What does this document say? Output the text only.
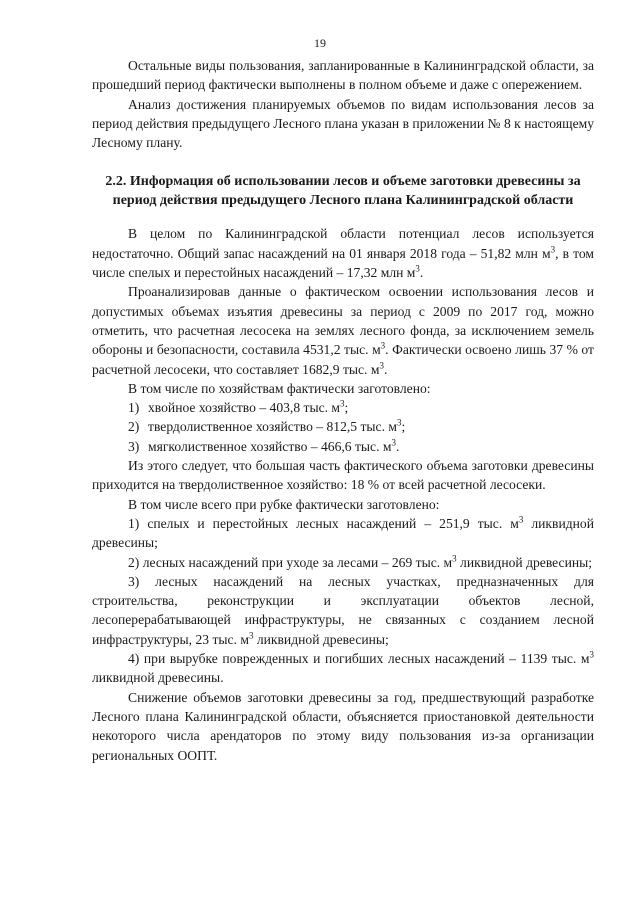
19

Остальные виды пользования, запланированные в Калининградской области, за прошедший период фактически выполнены в полном объеме и даже с опережением.

Анализ достижения планируемых объемов по видам использования лесов за период действия предыдущего Лесного плана указан в приложении № 8 к настоящему Лесному плану.

2.2. Информация об использовании лесов и объеме заготовки древесины за период действия предыдущего Лесного плана Калининградской области

В целом по Калининградской области потенциал лесов используется недостаточно. Общий запас насаждений на 01 января 2018 года – 51,82 млн $м^3$, в том числе спелых и перестойных насаждений – 17,32 млн $м^3$.

Проанализировав данные о фактическом освоении использования лесов и допустимых объемах изъятия древесины за период с 2009 по 2017 год, можно отметить, что расчетная лесосека на землях лесного фонда, за исключением земель обороны и безопасности, составила 4531,2 тыс. $м^3$. Фактически освоено лишь 37 % от расчетной лесосеки, что составляет 1682,9 тыс. $м^3$.

В том числе по хозяйствам фактически заготовлено:

1) хвойное хозяйство – 403,8 тыс. $м^3$;

2) твердолиственное хозяйство – 812,5 тыс. $м^3$;

3) мягколиственное хозяйство – 466,6 тыс. $м^3$.

Из этого следует, что большая часть фактического объема заготовки древесины приходится на твердолиственное хозяйство: 18 % от всей расчетной лесосеки.

В том числе всего при рубке фактически заготовлено:

1) спелых и перестойных лесных насаждений – 251,9 тыс. $м^3$ ликвидной древесины;

2) лесных насаждений при уходе за лесами – 269 тыс. $м^3$ ликвидной древесины;

3) лесных насаждений на лесных участках, предназначенных для строительства, реконструкции и эксплуатации объектов лесной, лесоперерабатывающей инфраструктуры, не связанных с созданием лесной инфраструктуры, 23 тыс. $м^3$ ликвидной древесины;

4) при вырубке поврежденных и погибших лесных насаждений – 1139 тыс. $м^3$ ликвидной древесины.

Снижение объемов заготовки древесины за год, предшествующий разработке Лесного плана Калининградской области, объясняется приостановкой деятельности некоторого числа арендаторов по этому виду пользования из-за организации региональных ООПТ.
